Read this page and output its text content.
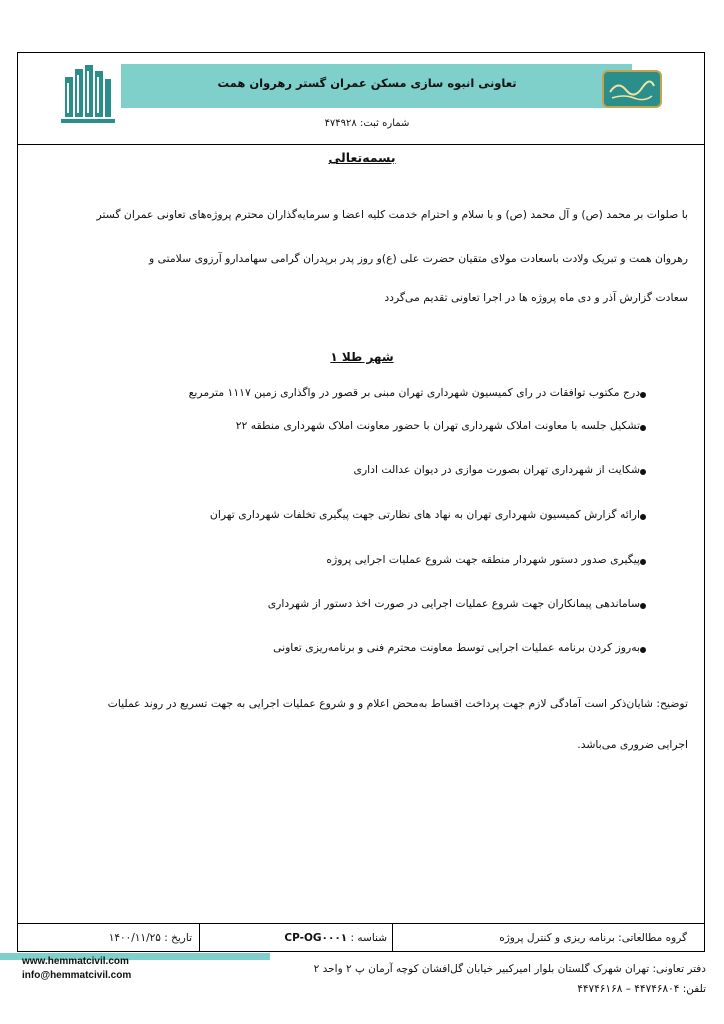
تعاونی انبوه سازی مسکن عمران گستر رهروان همت
شماره ثبت: ۴۷۴۹۲۸
بسمه‌تعالی
با صلوات بر محمد (ص) و آل محمد (ص) و با سلام و احترام خدمت کلیه اعضا و سرمایه‌گذاران محترم پروژه‌های تعاونی عمران گستر
رهروان همت و تبریک ولادت باسعادت مولای متقیان حضرت علی (ع)و روز پدر برپدران گرامی سهامدارو آرزوی سلامتی و
سعادت گزارش آذر و دی ماه پروژه ها در اجرا تعاونی تقدیم می‌گردد
شهر طلا ۱
درج مکتوب توافقات در رای کمیسیون شهرداری تهران مبنی بر قصور در واگذاری زمین ۱۱۱۷ مترمربع
تشکیل جلسه با معاونت املاک شهرداری تهران با حضور معاونت املاک شهرداری منطقه ۲۲
شکایت از شهرداری تهران بصورت موازی در دیوان عدالت اداری
ارائه گزارش کمیسیون شهرداری تهران به نهاد های نظارتی جهت پیگیری تخلفات شهرداری تهران
پیگیری صدور دستور شهردار منطقه جهت شروع عملیات اجرایی پروژه
ساماندهی پیمانکاران جهت شروع عملیات اجرایی در صورت اخذ دستور از شهرداری
به‌روز کردن برنامه عملیات اجرایی توسط معاونت محترم فنی و برنامه‌ریزی تعاونی
توضیح: شایان‌ذکر است آمادگی لازم جهت پرداخت اقساط به‌محض اعلام و و شروع عملیات اجرایی به جهت تسریع در روند عملیات
اجرایی ضروری می‌باشد.
گروه مطالعاتی: برنامه ریزی و کنترل پروژه
شناسه : CP-OG۰۰۰۱
تاریخ : ۱۴۰۰/۱۱/۲۵
www.hemmatcivil.com
info@hemmatcivil.com
دفتر تعاونی: تهران شهرک گلستان بلوار امیرکبیر خیابان گل‌افشان کوچه آرمان پ ۲ واحد ۲
تلفن: ۴۴۷۴۶۸۰۴ – ۴۴۷۴۶۱۶۸
